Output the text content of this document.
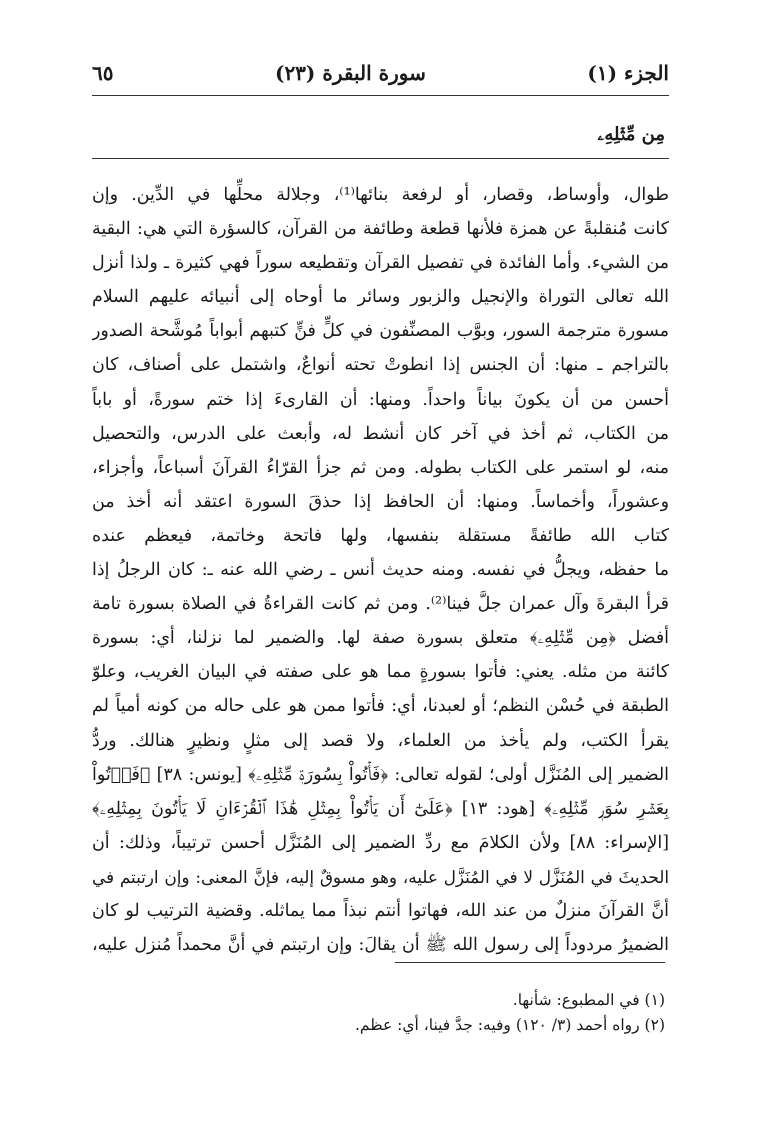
٦٥	سورة البقرة (٢٣)	الجزء (١)
مِن مِّثۡلِهِۦ
طوال، وأوساط، وقصار، أو لرفعة بنائها⁽¹⁾، وجلالة محلِّها في الدِّين. وإن
كانت مُنقلبةً عن همزة فلأنها قطعة وطائفة من القرآن، كالسؤرة التي هي: البقية
من الشيء. وأما الفائدة في تفصيل القرآن وتقطيعه سوراً فهي كثيرة ـ ولذا أنزل
الله تعالى التوراة والإنجيل والزبور وسائر ما أوحاه إلى أنبيائه عليهم السلام
مسورة مترجمة السور، وبوَّب المصنِّفون في كلٍّ فنٍّ كتبهم أبواباً مُوشَّحة الصدور
بالتراجم ـ منها: أن الجنس إذا انطوتْ تحته أنواعٌ، واشتمل على أصناف، كان
أحسن من أن يكونَ بياناً واحداً. ومنها: أن القارىءَ إذا ختم سورةً، أو باباً
من الكتاب، ثم أخذ في آخر كان أنشط له، وأبعث على الدرس، والتحصيل
منه، لو استمر على الكتاب بطوله. ومن ثم جزأ القرّاءُ القرآنَ أسباعاً، وأجزاء،
وعشوراً، وأخماساً. ومنها: أن الحافظ إذا حذقَ السورة اعتقد أنه أخذ من
كتاب الله طائفةً مستقلة بنفسها، ولها فاتحة وخاتمة، فيعظم عنده
ما حفظه، ويجلُّ في نفسه. ومنه حديث أنس ـ رضي الله عنه ـ: كان الرجلُ إذا
قرأ البقرةَ وآل عمران جلَّ فينا⁽²⁾. ومن ثم كانت القراءةُ في الصلاة بسورة تامة
أفضل ﴿مِن مِّثۡلِهِۦ﴾ متعلق بسورة صفة لها. والضمير لما نزلنا، أي: بسورة
كائنة من مثله. يعني: فأتوا بسورةٍ مما هو على صفته في البيان الغريب، وعلوّ
الطبقة في حُسْن النظم؛ أو لعبدنا، أي: فأتوا ممن هو على حاله من كونه أمياً لم
يقرأ الكتب، ولم يأخذ من العلماء، ولا قصد إلى مثلٍ ونظيرٍ هنالك. وردُّ
الضمير إلى المُنَزَّل أولى؛ لقوله تعالى: ﴿فَأۡتُواْ بِسُورَةٖ مِّثۡلِهِۦ﴾ [يونس: ٣٨] ﴿فَأۡتُواْ
بِعَشۡرِ سُوَرٖ مِّثۡلِهِۦ﴾ [هود: ١٣] ﴿عَلَىٰٓ أَن يَأۡتُواْ بِمِثۡلِ هَٰذَا ٱلۡقُرۡءَانِ لَا يَأۡتُونَ بِمِثۡلِهِۦ﴾
[الإسراء: ٨٨] ولأن الكلامَ مع ردِّ الضمير إلى المُنَزَّل أحسن ترتيباً، وذلك: أن
الحديثَ في المُنَزَّل لا في المُنَزَّل عليه، وهو مسوقٌ إليه، فإنَّ المعنى: وإن ارتبتم في
أنَّ القرآنَ منزلٌ من عند الله، فهاتوا أنتم نبذاً مما يماثله. وقضية الترتيب لو كان
الضميرُ مردوداً إلى رسول الله ﷺ أن يقالَ: وإن ارتبتم في أنَّ محمداً مُنزل عليه،
(١) في المطبوع: شأنها.
(٢) رواه أحمد (٣/ ١٢٠) وفيه: جدَّ فينا، أي: عظم.
